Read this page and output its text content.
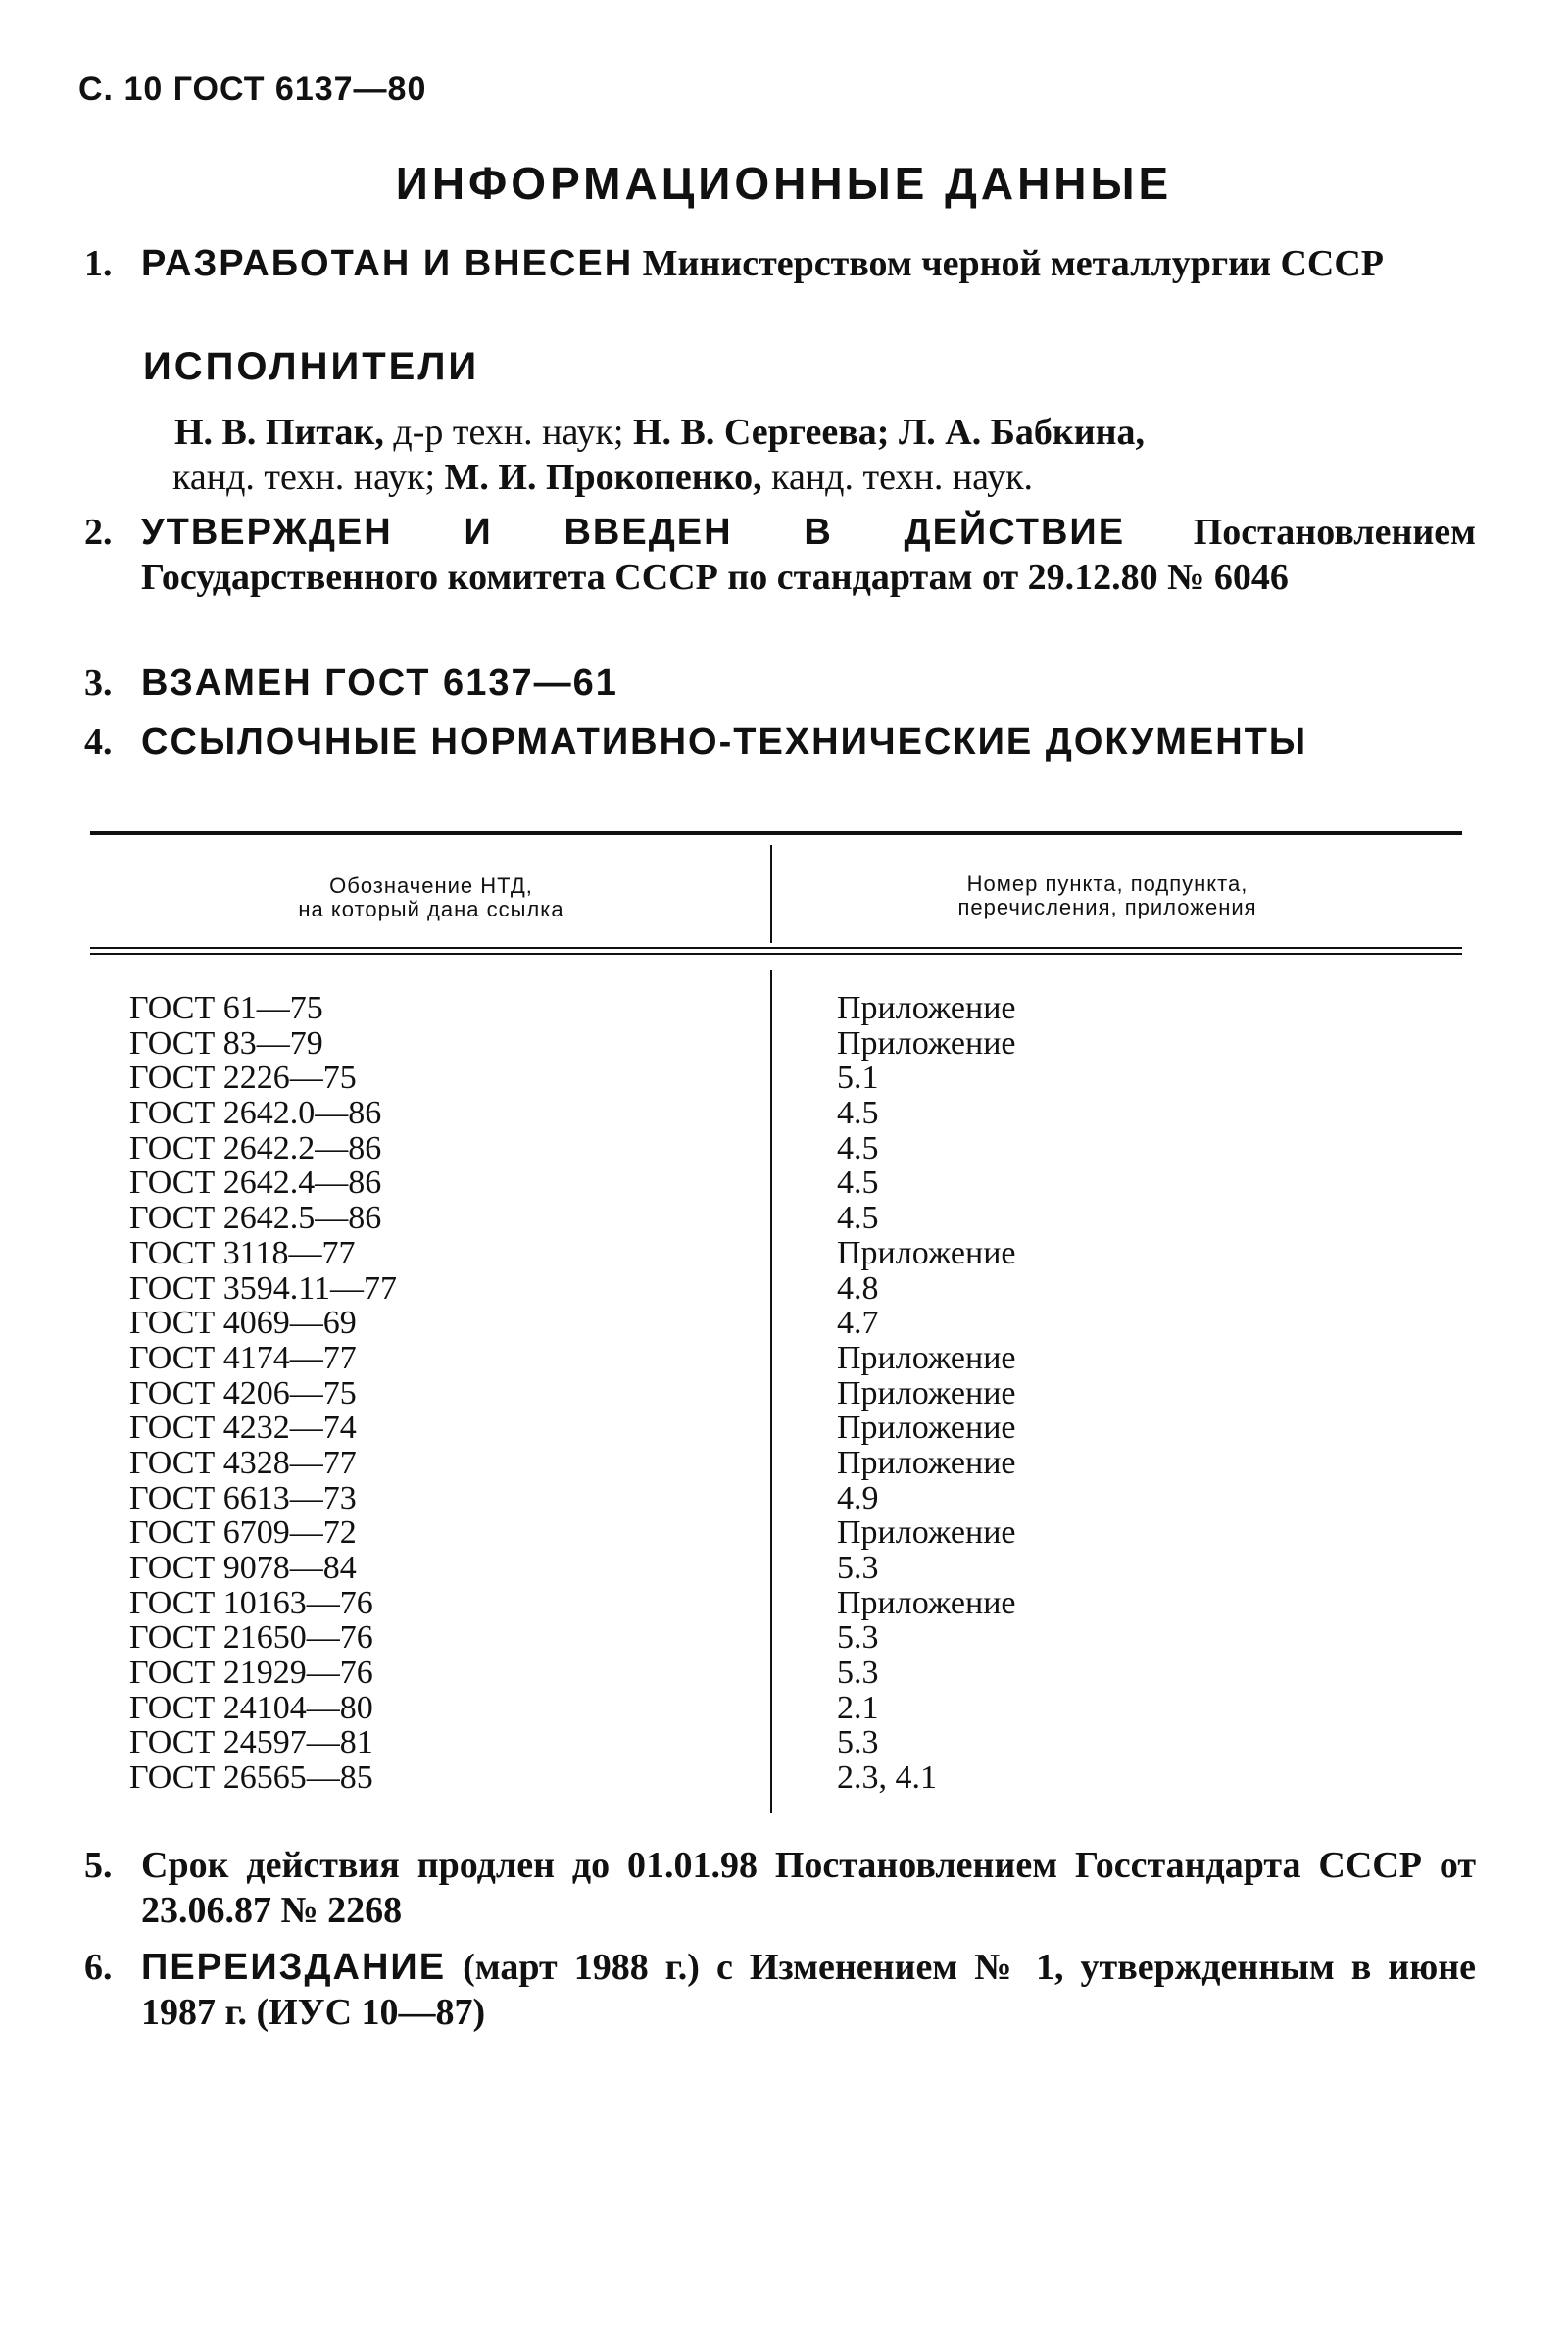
С. 10 ГОСТ 6137—80
ИНФОРМАЦИОННЫЕ ДАННЫЕ
1. РАЗРАБОТАН И ВНЕСЕН Министерством черной металлургии СССР
ИСПОЛНИТЕЛИ
Н. В. Питак, д-р техн. наук; Н. В. Сергеева; Л. А. Бабкина,
канд. техн. наук; М. И. Прокопенко, канд. техн. наук.
2. УТВЕРЖДЕН И ВВЕДЕН В ДЕЙСТВИЕ Постановлением Государственного комитета СССР по стандартам от 29.12.80 № 6046
3. ВЗАМЕН ГОСТ 6137—61
4. ССЫЛОЧНЫЕ НОРМАТИВНО-ТЕХНИЧЕСКИЕ ДОКУМЕНТЫ
Обозначение НТД,
на который дана ссылка
Номер пункта, подпункта,
перечисления, приложения
ГОСТ 61—75
ГОСТ 83—79
ГОСТ 2226—75
ГОСТ 2642.0—86
ГОСТ 2642.2—86
ГОСТ 2642.4—86
ГОСТ 2642.5—86
ГОСТ 3118—77
ГОСТ 3594.11—77
ГОСТ 4069—69
ГОСТ 4174—77
ГОСТ 4206—75
ГОСТ 4232—74
ГОСТ 4328—77
ГОСТ 6613—73
ГОСТ 6709—72
ГОСТ 9078—84
ГОСТ 10163—76
ГОСТ 21650—76
ГОСТ 21929—76
ГОСТ 24104—80
ГОСТ 24597—81
ГОСТ 26565—85
Приложение
Приложение
5.1
4.5
4.5
4.5
4.5
Приложение
4.8
4.7
Приложение
Приложение
Приложение
Приложение
4.9
Приложение
5.3
Приложение
5.3
5.3
2.1
5.3
2.3, 4.1
5. Срок действия продлен до 01.01.98 Постановлением Госстандарта СССР от 23.06.87 № 2268
6. ПЕРЕИЗДАНИЕ (март 1988 г.) с Изменением № 1, утвержденным в июне 1987 г. (ИУС 10—87)
